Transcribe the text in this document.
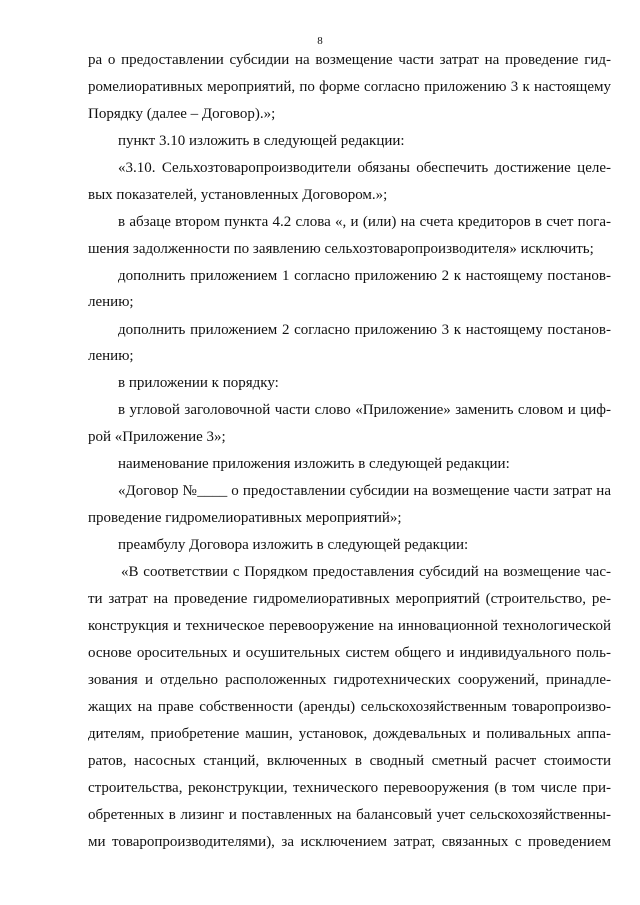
8
ра о предоставлении субсидии на возмещение части затрат на проведение гид-
ромелиоративных мероприятий, по форме согласно приложению 3 к настоящему
Порядку (далее – Договор).»;
пункт 3.10 изложить в следующей редакции:
«3.10. Сельхозтоваропроизводители обязаны обеспечить достижение целе-
вых показателей, установленных Договором.»;
в абзаце втором пункта 4.2 слова «, и (или) на счета кредиторов в счет пога-
шения задолженности по заявлению сельхозтоваропроизводителя» исключить;
дополнить приложением 1 согласно приложению 2 к настоящему постанов-
лению;
дополнить приложением 2 согласно приложению 3 к настоящему постанов-
лению;
в приложении к порядку:
в угловой заголовочной части слово «Приложение» заменить словом и циф-
рой «Приложение 3»;
наименование приложения изложить в следующей редакции:
«Договор №____ о предоставлении субсидии на возмещение части затрат на
проведение гидромелиоративных мероприятий»;
преамбулу Договора изложить в следующей редакции:
«В соответствии с Порядком предоставления субсидий на возмещение час-
ти затрат на проведение гидромелиоративных мероприятий (строительство, ре-
конструкция и техническое перевооружение на инновационной технологической
основе оросительных и осушительных систем общего и индивидуального поль-
зования и отдельно расположенных гидротехнических сооружений, принадле-
жащих на праве собственности (аренды) сельскохозяйственным товаропроизво-
дителям, приобретение машин, установок, дождевальных и поливальных аппа-
ратов, насосных станций, включенных в сводный сметный расчет стоимости
строительства, реконструкции, технического перевооружения (в том числе при-
обретенных в лизинг и поставленных на балансовый учет сельскохозяйственны-
ми товаропроизводителями), за исключением затрат, связанных с проведением
